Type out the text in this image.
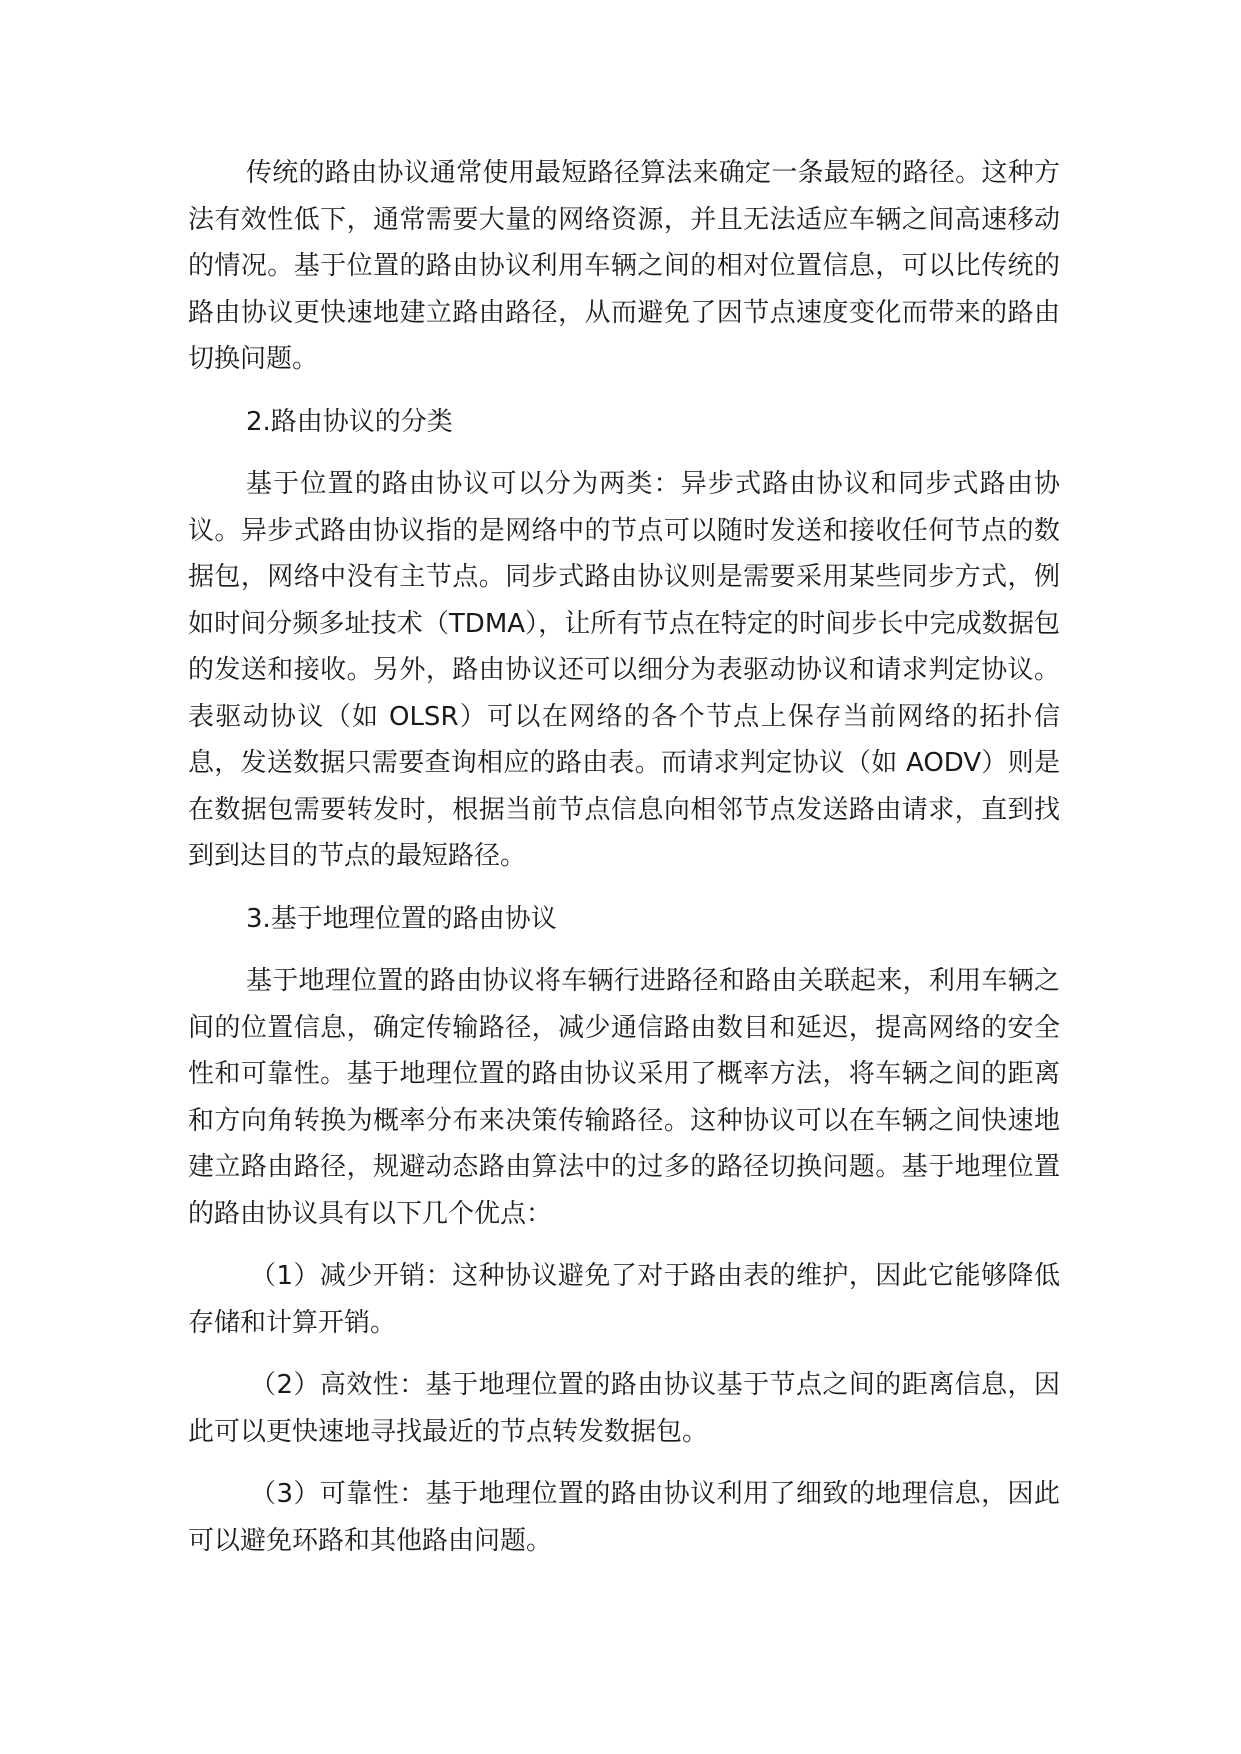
传统的路由协议通常使用最短路径算法来确定一条最短的路径。这种方法有效性低下，通常需要大量的网络资源，并且无法适应车辆之间高速移动的情况。基于位置的路由协议利用车辆之间的相对位置信息，可以比传统的路由协议更快速地建立路由路径，从而避免了因节点速度变化而带来的路由切换问题。

2.路由协议的分类

基于位置的路由协议可以分为两类：异步式路由协议和同步式路由协议。异步式路由协议指的是网络中的节点可以随时发送和接收任何节点的数据包，网络中没有主节点。同步式路由协议则是需要采用某些同步方式，例如时间分频多址技术（TDMA），让所有节点在特定的时间步长中完成数据包的发送和接收。另外，路由协议还可以细分为表驱动协议和请求判定协议。表驱动协议（如 OLSR）可以在网络的各个节点上保存当前网络的拓扑信息，发送数据只需要查询相应的路由表。而请求判定协议（如 AODV）则是在数据包需要转发时，根据当前节点信息向相邻节点发送路由请求，直到找到到达目的节点的最短路径。

3.基于地理位置的路由协议

基于地理位置的路由协议将车辆行进路径和路由关联起来，利用车辆之间的位置信息，确定传输路径，减少通信路由数目和延迟，提高网络的安全性和可靠性。基于地理位置的路由协议采用了概率方法，将车辆之间的距离和方向角转换为概率分布来决策传输路径。这种协议可以在车辆之间快速地建立路由路径，规避动态路由算法中的过多的路径切换问题。基于地理位置的路由协议具有以下几个优点：

（1）减少开销：这种协议避免了对于路由表的维护，因此它能够降低存储和计算开销。

（2）高效性：基于地理位置的路由协议基于节点之间的距离信息，因此可以更快速地寻找最近的节点转发数据包。

（3）可靠性：基于地理位置的路由协议利用了细致的地理信息，因此可以避免环路和其他路由问题。
